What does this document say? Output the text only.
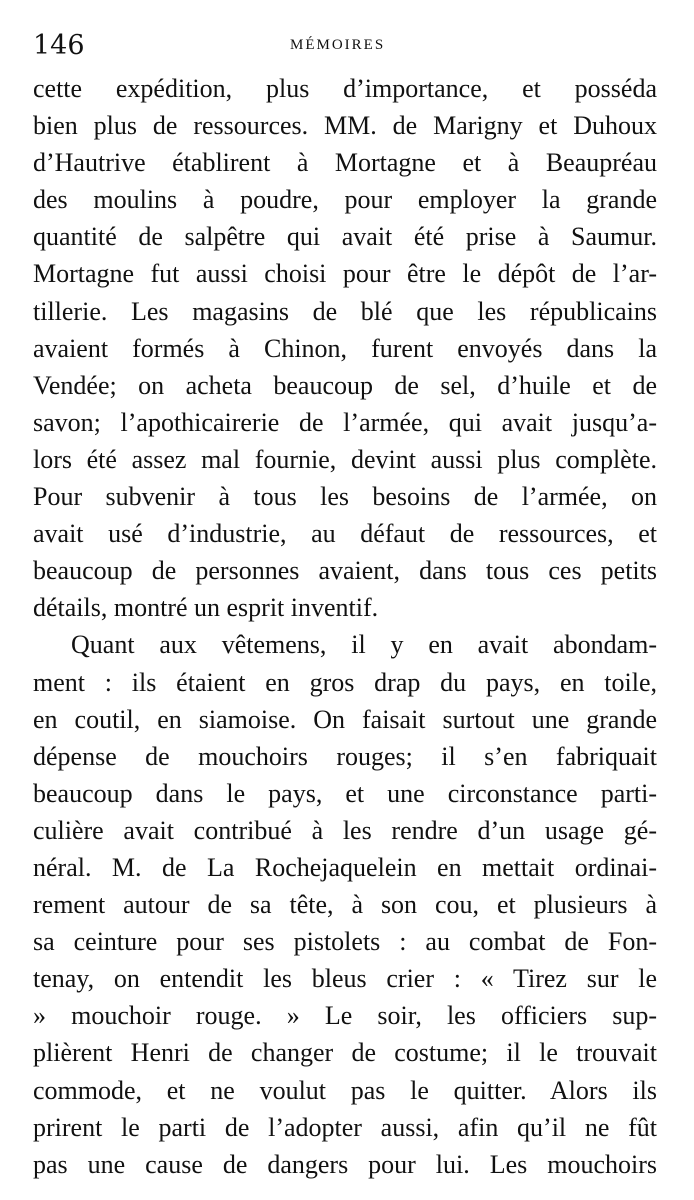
146	MÉMOIRES
cette expédition, plus d’importance, et posséda
bien plus de ressources. MM. de Marigny et Duhoux
d’Hautrive établirent à Mortagne et à Beaupréau
des moulins à poudre, pour employer la grande
quantité de salpêtre qui avait été prise à Saumur.
Mortagne fut aussi choisi pour être le dépôt de l’ar-
tillerie. Les magasins de blé que les républicains
avaient formés à Chinon, furent envoyés dans la
Vendée; on acheta beaucoup de sel, d’huile et de
savon; l’apothicairerie de l’armée, qui avait jusqu’a-
lors été assez mal fournie, devint aussi plus complète.
Pour subvenir à tous les besoins de l’armée, on
avait usé d’industrie, au défaut de ressources, et
beaucoup de personnes avaient, dans tous ces petits
détails, montré un esprit inventif.
Quant aux vêtemens, il y en avait abondam-
ment : ils étaient en gros drap du pays, en toile,
en coutil, en siamoise. On faisait surtout une grande
dépense de mouchoirs rouges; il s’en fabriquait
beaucoup dans le pays, et une circonstance parti-
culière avait contribué à les rendre d’un usage gé-
néral. M. de La Rochejaquelein en mettait ordinai-
rement autour de sa tête, à son cou, et plusieurs à
sa ceinture pour ses pistolets : au combat de Fon-
tenay, on entendit les bleus crier : « Tirez sur le
» mouchoir rouge. » Le soir, les officiers sup-
plièrent Henri de changer de costume; il le trouvait
commode, et ne voulut pas le quitter. Alors ils
prirent le parti de l’adopter aussi, afin qu’il ne fût
pas une cause de dangers pour lui. Les mouchoirs
